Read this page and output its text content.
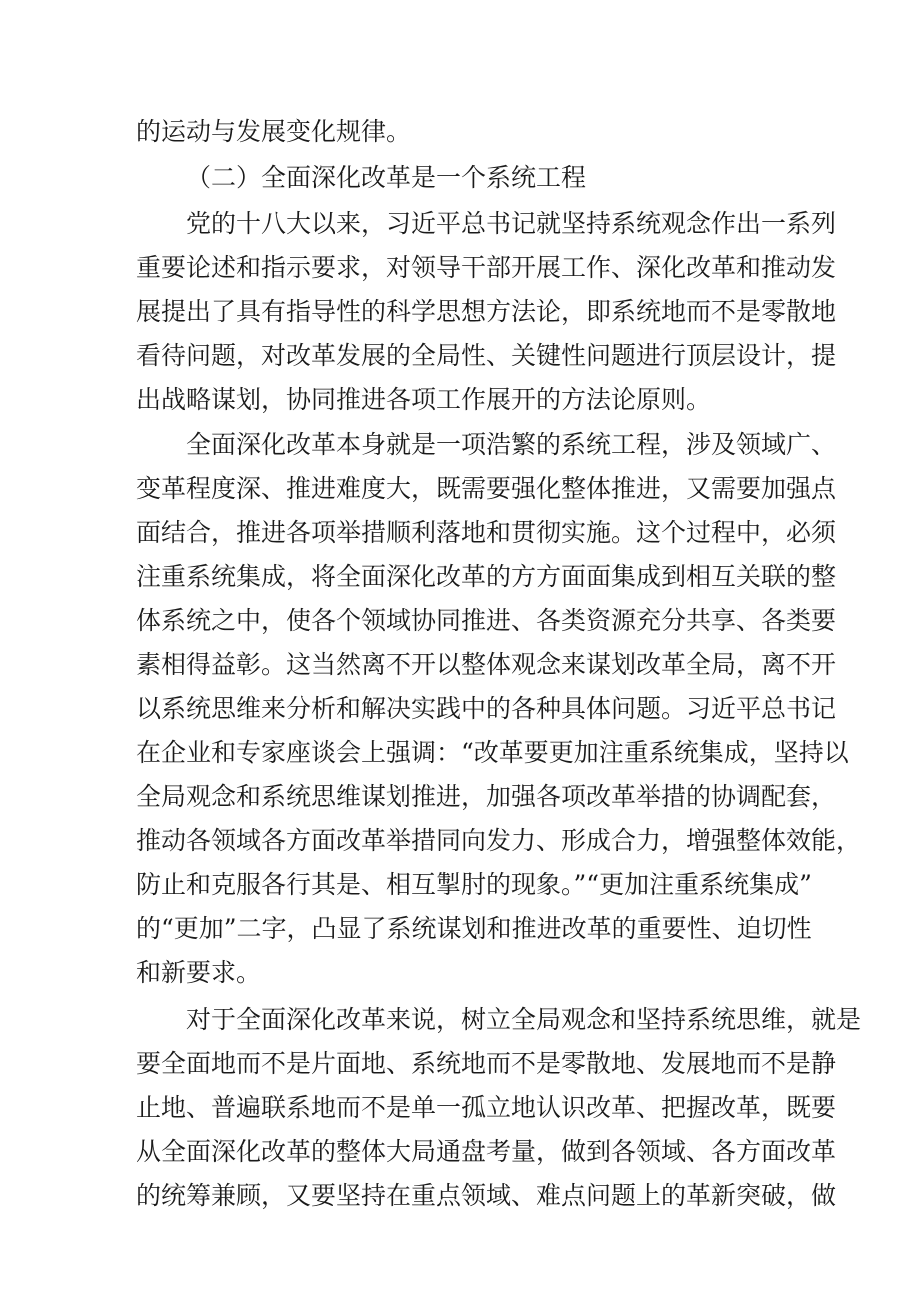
的运动与发展变化规律。
（二）全面深化改革是一个系统工程
党的十八大以来，习近平总书记就坚持系统观念作出一系列
重要论述和指示要求，对领导干部开展工作、深化改革和推动发
展提出了具有指导性的科学思想方法论，即系统地而不是零散地
看待问题，对改革发展的全局性、关键性问题进行顶层设计，提
出战略谋划，协同推进各项工作展开的方法论原则。
全面深化改革本身就是一项浩繁的系统工程，涉及领域广、
变革程度深、推进难度大，既需要强化整体推进，又需要加强点
面结合，推进各项举措顺利落地和贯彻实施。这个过程中，必须
注重系统集成，将全面深化改革的方方面面集成到相互关联的整
体系统之中，使各个领域协同推进、各类资源充分共享、各类要
素相得益彰。这当然离不开以整体观念来谋划改革全局，离不开
以系统思维来分析和解决实践中的各种具体问题。习近平总书记
在企业和专家座谈会上强调：“改革要更加注重系统集成，坚持以
全局观念和系统思维谋划推进，加强各项改革举措的协调配套，
推动各领域各方面改革举措同向发力、形成合力，增强整体效能，
防止和克服各行其是、相互掣肘的现象。”“更加注重系统集成”
的“更加”二字，凸显了系统谋划和推进改革的重要性、迫切性
和新要求。
对于全面深化改革来说，树立全局观念和坚持系统思维，就是
要全面地而不是片面地、系统地而不是零散地、发展地而不是静
止地、普遍联系地而不是单一孤立地认识改革、把握改革，既要
从全面深化改革的整体大局通盘考量，做到各领域、各方面改革
的统筹兼顾，又要坚持在重点领域、难点问题上的革新突破，做
